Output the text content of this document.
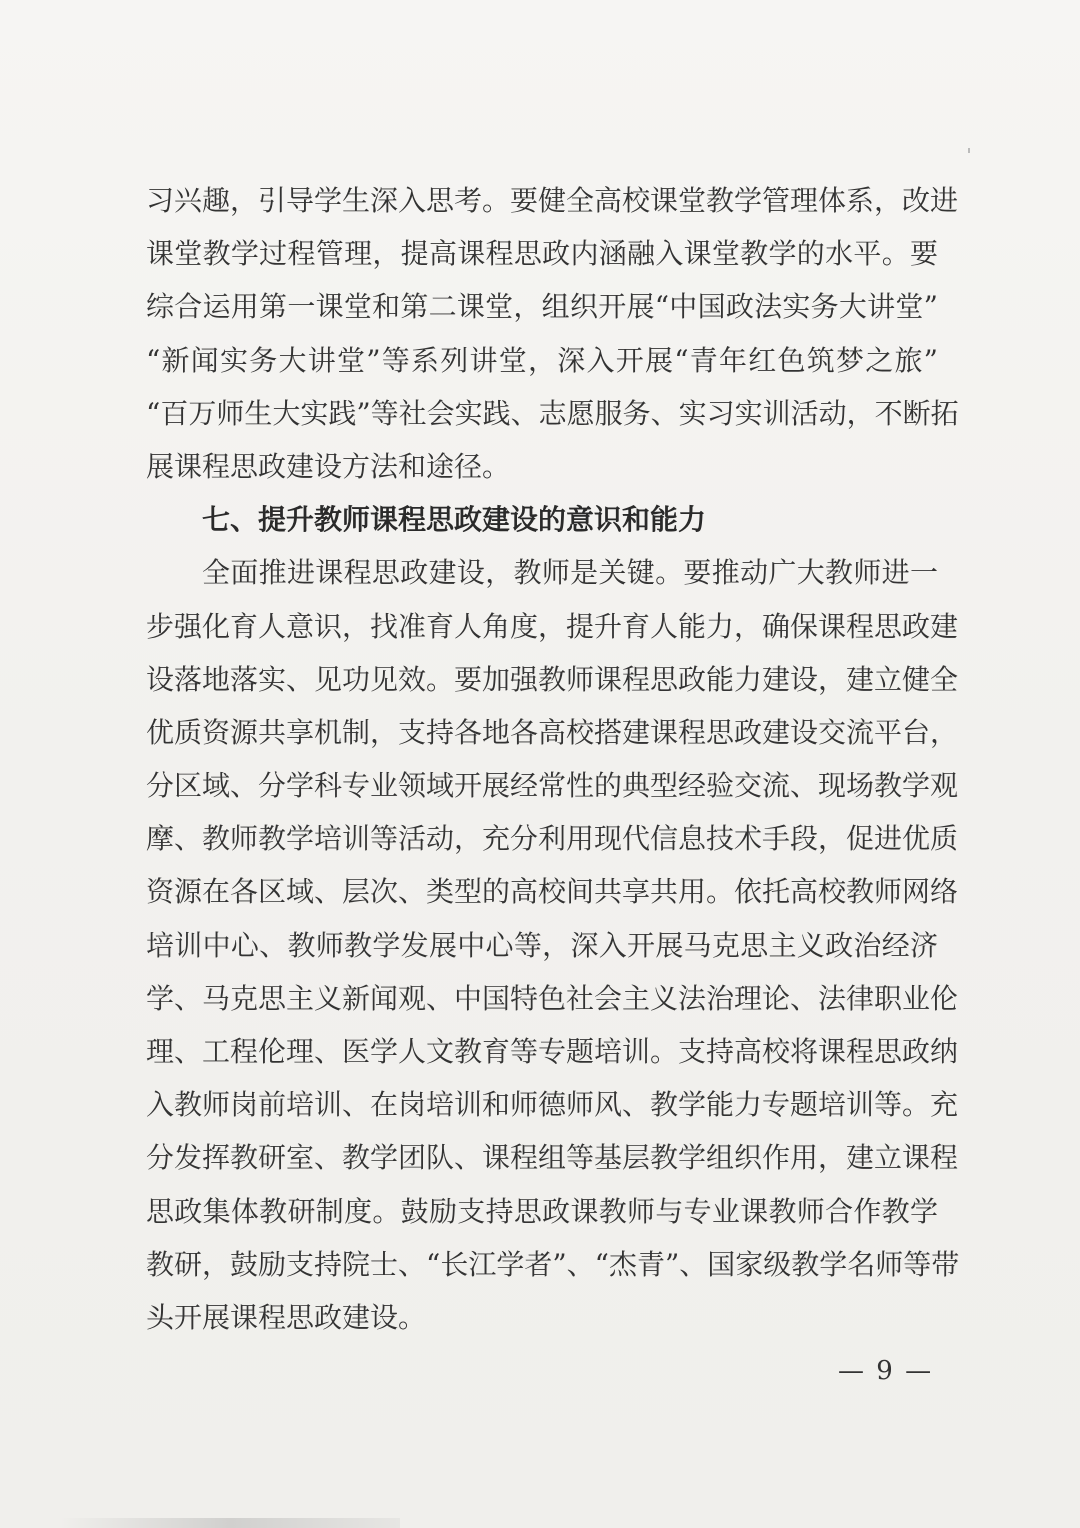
习兴趣，引导学生深入思考。要健全高校课堂教学管理体系，改进
课堂教学过程管理，提高课程思政内涵融入课堂教学的水平。要
综合运用第一课堂和第二课堂，组织开展“中国政法实务大讲堂”
“新闻实务大讲堂”等系列讲堂，深入开展“青年红色筑梦之旅”
“百万师生大实践”等社会实践、志愿服务、实习实训活动，不断拓
展课程思政建设方法和途径。
七、提升教师课程思政建设的意识和能力
全面推进课程思政建设，教师是关键。要推动广大教师进一
步强化育人意识，找准育人角度，提升育人能力，确保课程思政建
设落地落实、见功见效。要加强教师课程思政能力建设，建立健全
优质资源共享机制，支持各地各高校搭建课程思政建设交流平台，
分区域、分学科专业领域开展经常性的典型经验交流、现场教学观
摩、教师教学培训等活动，充分利用现代信息技术手段，促进优质
资源在各区域、层次、类型的高校间共享共用。依托高校教师网络
培训中心、教师教学发展中心等，深入开展马克思主义政治经济
学、马克思主义新闻观、中国特色社会主义法治理论、法律职业伦
理、工程伦理、医学人文教育等专题培训。支持高校将课程思政纳
入教师岗前培训、在岗培训和师德师风、教学能力专题培训等。充
分发挥教研室、教学团队、课程组等基层教学组织作用，建立课程
思政集体教研制度。鼓励支持思政课教师与专业课教师合作教学
教研，鼓励支持院士、“长江学者”、“杰青”、国家级教学名师等带
头开展课程思政建设。
— 9 —
